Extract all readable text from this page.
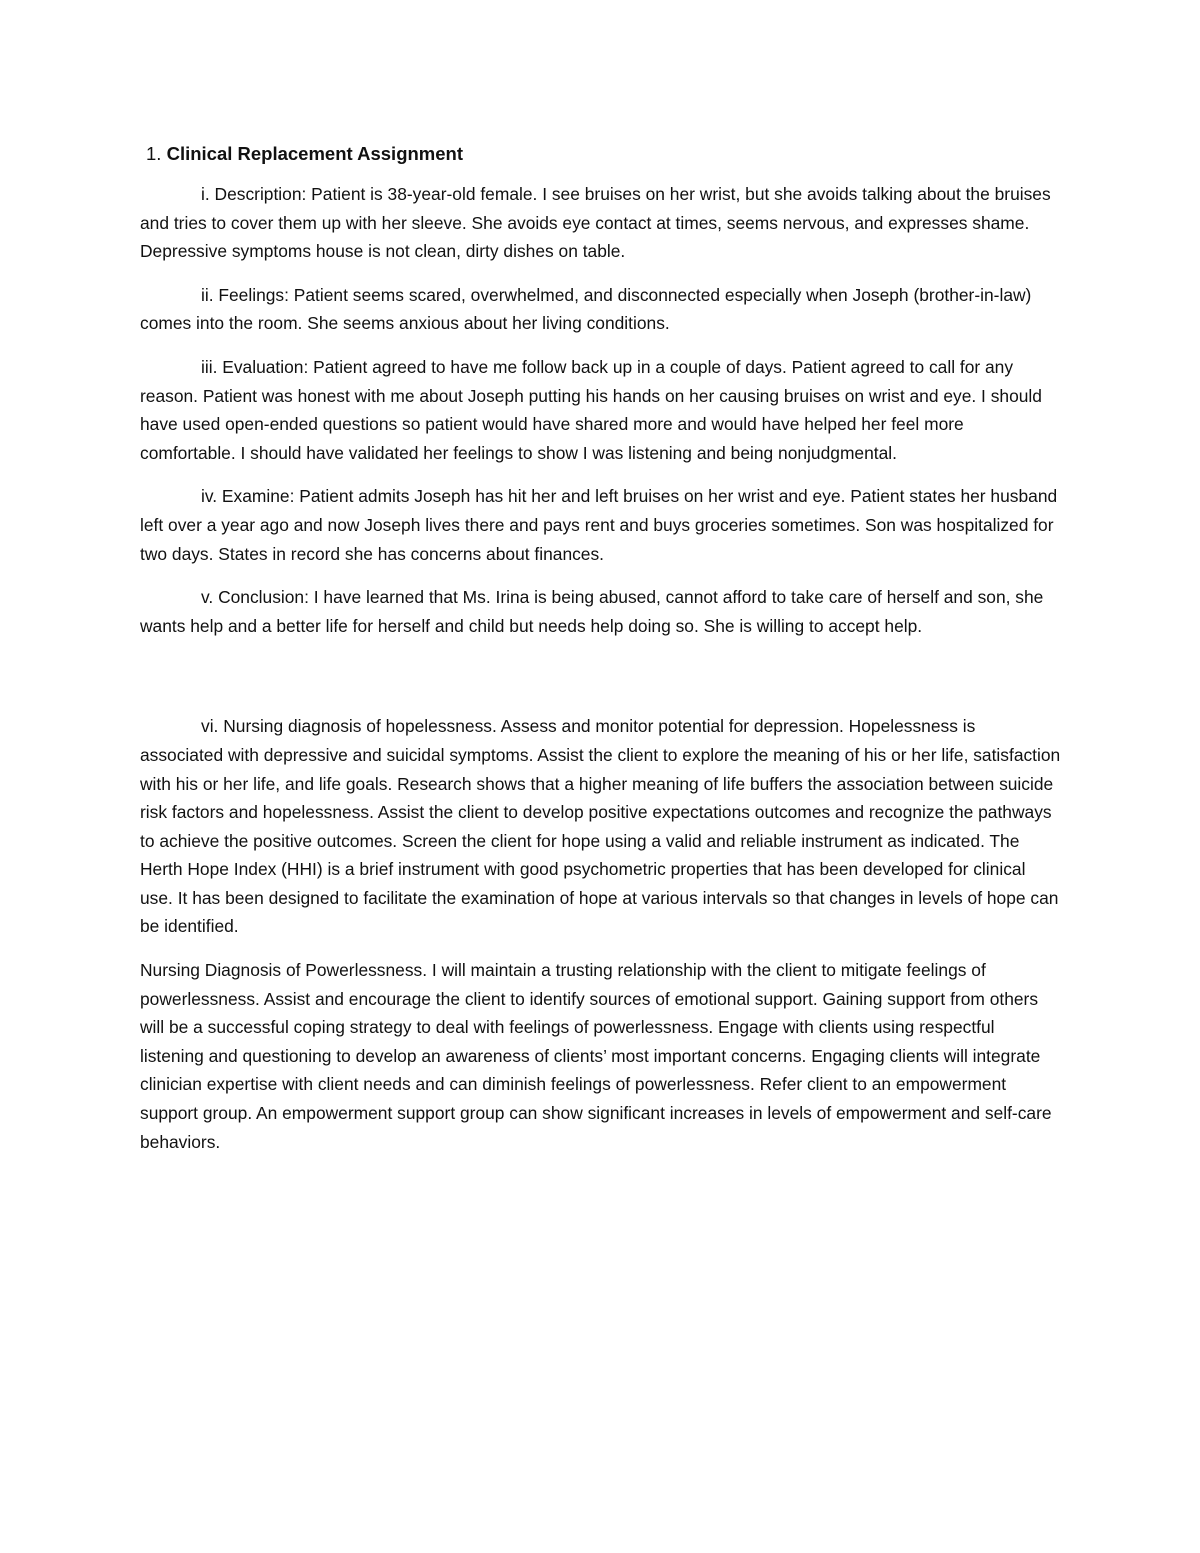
1. Clinical Replacement Assignment

i. Description: Patient is 38-year-old female. I see bruises on her wrist, but she avoids talking about the bruises and tries to cover them up with her sleeve. She avoids eye contact at times, seems nervous, and expresses shame. Depressive symptoms house is not clean, dirty dishes on table.

ii. Feelings: Patient seems scared, overwhelmed, and disconnected especially when Joseph (brother-in-law) comes into the room. She seems anxious about her living conditions.

iii. Evaluation: Patient agreed to have me follow back up in a couple of days. Patient agreed to call for any reason. Patient was honest with me about Joseph putting his hands on her causing bruises on wrist and eye. I should have used open-ended questions so patient would have shared more and would have helped her feel more comfortable. I should have validated her feelings to show I was listening and being nonjudgmental.

iv. Examine: Patient admits Joseph has hit her and left bruises on her wrist and eye. Patient states her husband left over a year ago and now Joseph lives there and pays rent and buys groceries sometimes. Son was hospitalized for two days. States in record she has concerns about finances.

v. Conclusion: I have learned that Ms. Irina is being abused, cannot afford to take care of herself and son, she wants help and a better life for herself and child but needs help doing so. She is willing to accept help.

vi. Nursing diagnosis of hopelessness. Assess and monitor potential for depression. Hopelessness is associated with depressive and suicidal symptoms. Assist the client to explore the meaning of his or her life, satisfaction with his or her life, and life goals. Research shows that a higher meaning of life buffers the association between suicide risk factors and hopelessness. Assist the client to develop positive expectations outcomes and recognize the pathways to achieve the positive outcomes. Screen the client for hope using a valid and reliable instrument as indicated. The Herth Hope Index (HHI) is a brief instrument with good psychometric properties that has been developed for clinical use. It has been designed to facilitate the examination of hope at various intervals so that changes in levels of hope can be identified.

Nursing Diagnosis of Powerlessness. I will maintain a trusting relationship with the client to mitigate feelings of powerlessness. Assist and encourage the client to identify sources of emotional support. Gaining support from others will be a successful coping strategy to deal with feelings of powerlessness. Engage with clients using respectful listening and questioning to develop an awareness of clients’ most important concerns. Engaging clients will integrate clinician expertise with client needs and can diminish feelings of powerlessness. Refer client to an empowerment support group. An empowerment support group can show significant increases in levels of empowerment and self-care behaviors.
